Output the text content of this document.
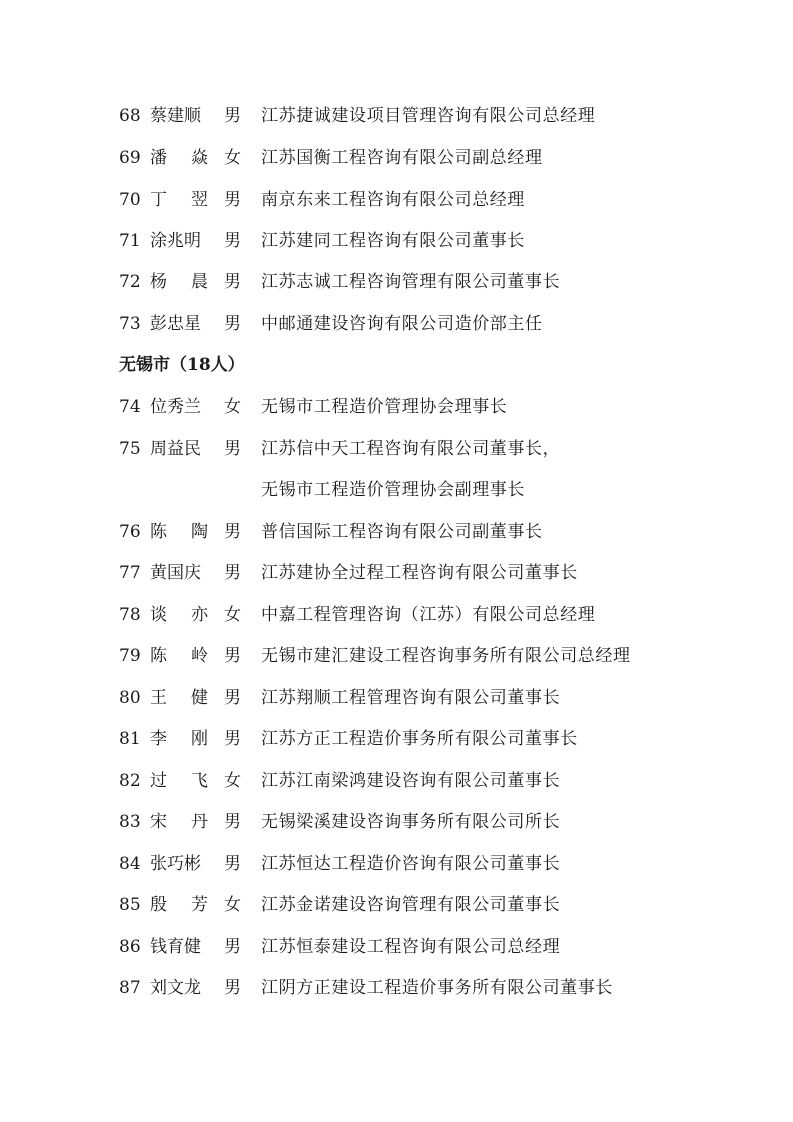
68 蔡建顺 男 江苏捷诚建设项目管理咨询有限公司总经理
69 潘 焱 女 江苏国衡工程咨询有限公司副总经理
70 丁 翌 男 南京东来工程咨询有限公司总经理
71 涂兆明 男 江苏建同工程咨询有限公司董事长
72 杨 晨 男 江苏志诚工程咨询管理有限公司董事长
73 彭忠星 男 中邮通建设咨询有限公司造价部主任
无锡市（18人）
74 位秀兰 女 无锡市工程造价管理协会理事长
75 周益民 男 江苏信中天工程咨询有限公司董事长，
无锡市工程造价管理协会副理事长
76 陈 陶 男 普信国际工程咨询有限公司副董事长
77 黄国庆 男 江苏建协全过程工程咨询有限公司董事长
78 谈 亦 女 中嘉工程管理咨询（江苏）有限公司总经理
79 陈 岭 男 无锡市建汇建设工程咨询事务所有限公司总经理
80 王 健 男 江苏翔顺工程管理咨询有限公司董事长
81 李 刚 男 江苏方正工程造价事务所有限公司董事长
82 过 飞 女 江苏江南梁鸿建设咨询有限公司董事长
83 宋 丹 男 无锡梁溪建设咨询事务所有限公司所长
84 张巧彬 男 江苏恒达工程造价咨询有限公司董事长
85 殷 芳 女 江苏金诺建设咨询管理有限公司董事长
86 钱育健 男 江苏恒泰建设工程咨询有限公司总经理
87 刘文龙 男 江阴方正建设工程造价事务所有限公司董事长
